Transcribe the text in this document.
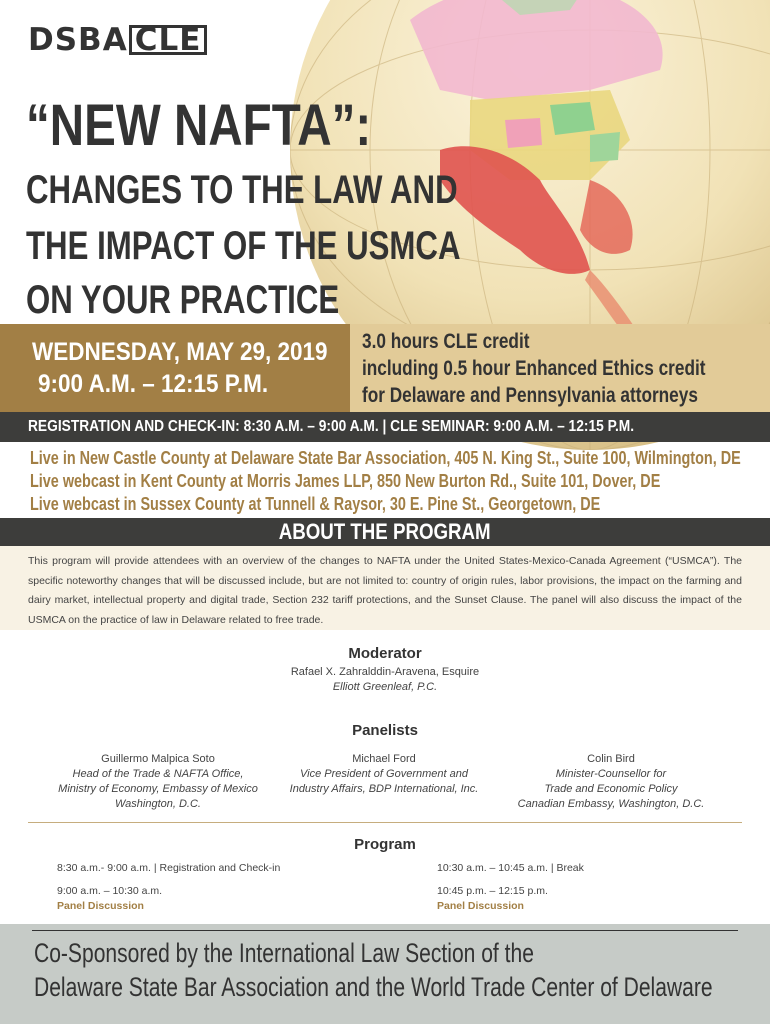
DSBA CLE
“NEW NAFTA”:
CHANGES TO THE LAW AND
THE IMPACT OF THE USMCA
ON YOUR PRACTICE
WEDNESDAY, MAY 29, 2019
9:00 A.M. – 12:15 P.M.
3.0 hours CLE credit
including 0.5 hour Enhanced Ethics credit
for Delaware and Pennsylvania attorneys
REGISTRATION AND CHECK-IN: 8:30 A.M. – 9:00 A.M. | CLE SEMINAR: 9:00 A.M. – 12:15 P.M.
Live in New Castle County at Delaware State Bar Association, 405 N. King St., Suite 100, Wilmington, DE
Live webcast in Kent County at Morris James LLP, 850 New Burton Rd., Suite 101, Dover, DE
Live webcast in Sussex County at Tunnell & Raysor, 30 E. Pine St., Georgetown, DE
ABOUT THE PROGRAM
This program will provide attendees with an overview of the changes to NAFTA under the United States-Mexico-Canada Agreement (“USMCA”). The specific noteworthy changes that will be discussed include, but are not limited to: country of origin rules, labor provisions, the impact on the farming and dairy market, intellectual property and digital trade, Section 232 tariff protections, and the Sunset Clause. The panel will also discuss the impact of the USMCA on the practice of law in Delaware related to free trade.
Moderator
Rafael X. Zahralddin-Aravena, Esquire
Elliott Greenleaf, P.C.
Panelists
Guillermo Malpica Soto
Head of the Trade & NAFTA Office,
Ministry of Economy, Embassy of Mexico
Washington, D.C.
Michael Ford
Vice President of Government and
Industry Affairs, BDP International, Inc.
Colin Bird
Minister-Counsellor for
Trade and Economic Policy
Canadian Embassy, Washington, D.C.
Program
8:30 a.m.- 9:00 a.m. | Registration and Check-in	10:30 a.m. – 10:45 a.m. | Break
9:00 a.m. – 10:30 a.m.
Panel Discussion
10:45 p.m. – 12:15 p.m.
Panel Discussion
Co-Sponsored by the International Law Section of the
Delaware State Bar Association and the World Trade Center of Delaware
